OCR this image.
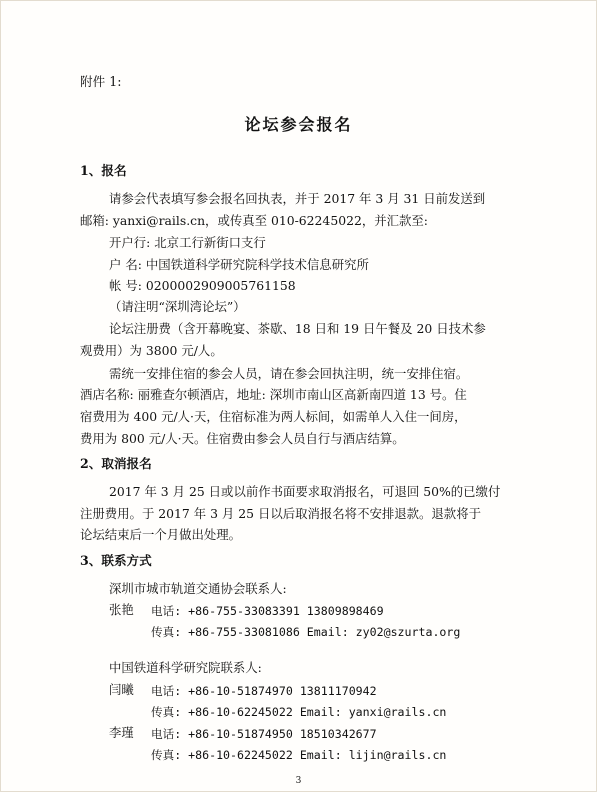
附件 1:
论坛参会报名
1、报名
请参会代表填写参会报名回执表，并于 2017 年 3 月 31 日前发送到
邮箱: yanxi@rails.cn，或传真至 010-62245022，并汇款至:
开户行: 北京工行新街口支行
户 名: 中国铁道科学研究院科学技术信息研究所
帐 号: 0200002909005761158
（请注明“深圳湾论坛”）
论坛注册费（含开幕晚宴、茶歇、18 日和 19 日午餐及 20 日技术参
观费用）为 3800 元/人。
需统一安排住宿的参会人员，请在参会回执注明，统一安排住宿。
酒店名称: 丽雅查尔顿酒店，地址: 深圳市南山区高新南四道 13 号。住
宿费用为 400 元/人·天，住宿标准为两人标间，如需单人入住一间房，
费用为 800 元/人·天。住宿费由参会人员自行与酒店结算。
2、取消报名
2017 年 3 月 25 日或以前作书面要求取消报名，可退回 50%的已缴付
注册费用。于 2017 年 3 月 25 日以后取消报名将不安排退款。退款将于
论坛结束后一个月做出处理。
3、联系方式
深圳市城市轨道交通协会联系人:
张艳 电话: +86-755-33083391 13809898469
传真: +86-755-33081086 Email: zy02@szurta.org
中国铁道科学研究院联系人:
闫曦 电话: +86-10-51874970 13811170942
传真: +86-10-62245022 Email: yanxi@rails.cn
李瑾 电话: +86-10-51874950 18510342677
传真: +86-10-62245022 Email: lijin@rails.cn
3
